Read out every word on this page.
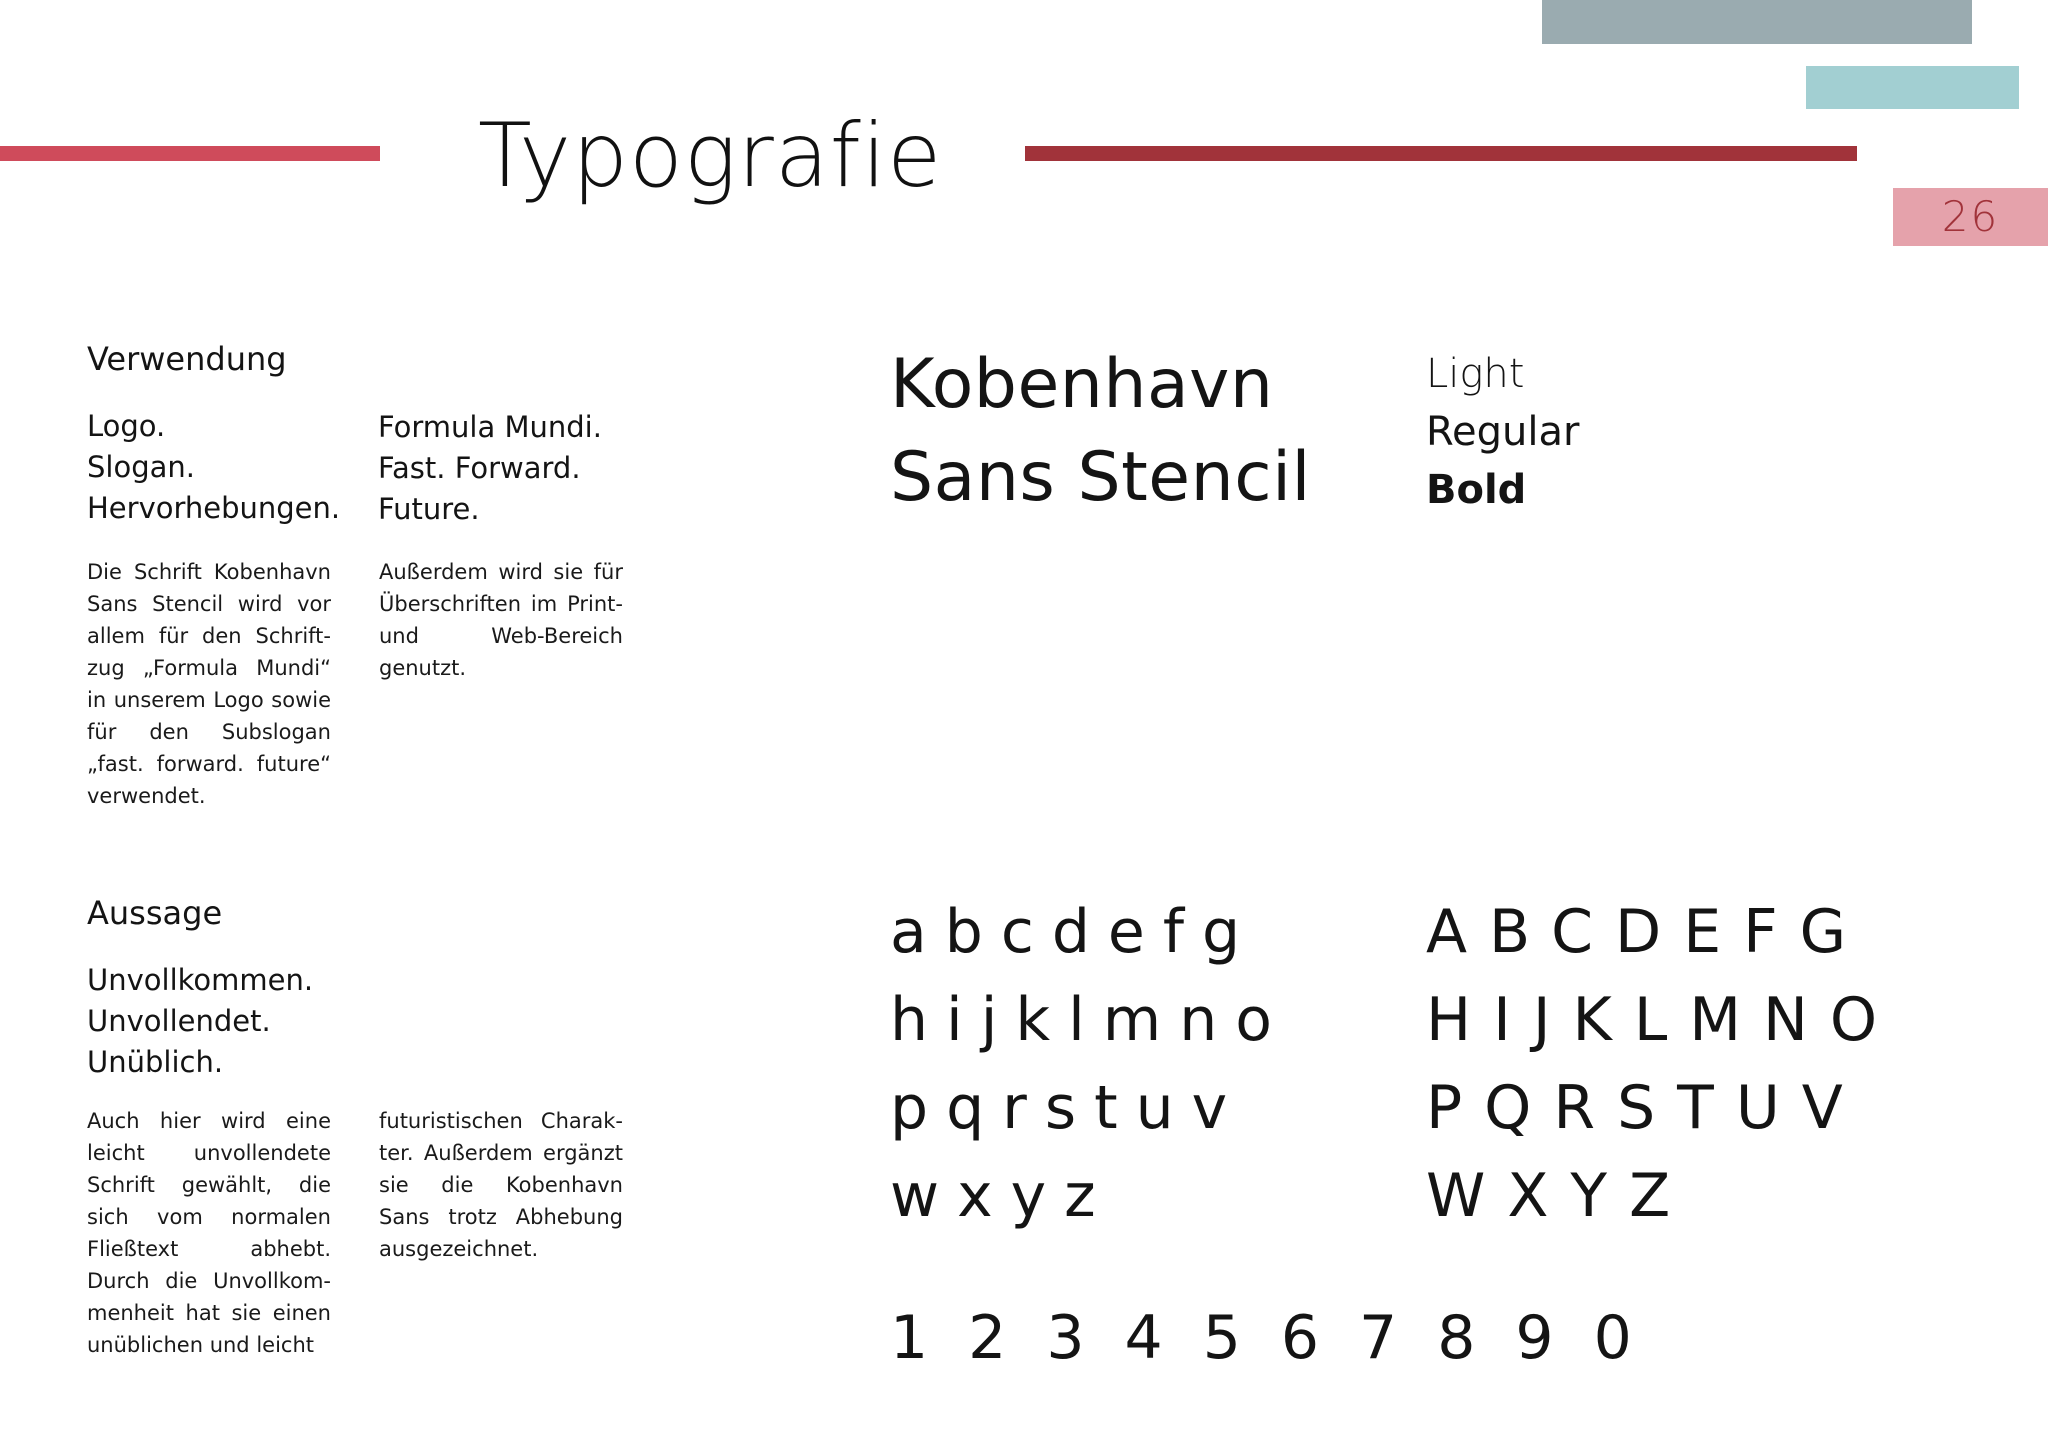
26
Typografie
Verwendung
Logo.
Slogan.
Hervorhebungen.
Formula Mundi.
Fast. Forward.
Future.
Die Schrift Kobenhavn Sans Stencil wird vor allem für den Schriftzug „Formula Mundi“ in unserem Logo sowie für den Subslogan „fast. forward. future“ verwendet.
Außerdem wird sie für Überschriften im Print- und Web-Bereich genutzt.
Aussage
Unvollkommen.
Unvollendet.
Unüblich.
Auch hier wird eine leicht unvollendete Schrift gewählt, die sich vom normalen Fließtext abhebt. Durch die Unvollkommenheit hat sie einen unüblichen und leicht
futuristischen Charakter. Außerdem ergänzt sie die Kobenhavn Sans trotz Abhebung ausgezeichnet.
Kobenhavn
Sans Stencil
Light
Regular
Bold
abcdefg
hijklmno
pqrstuv
wxyz
ABCDEFG
HIJKLMNO
PQRSTUV
WXYZ
1234567890
